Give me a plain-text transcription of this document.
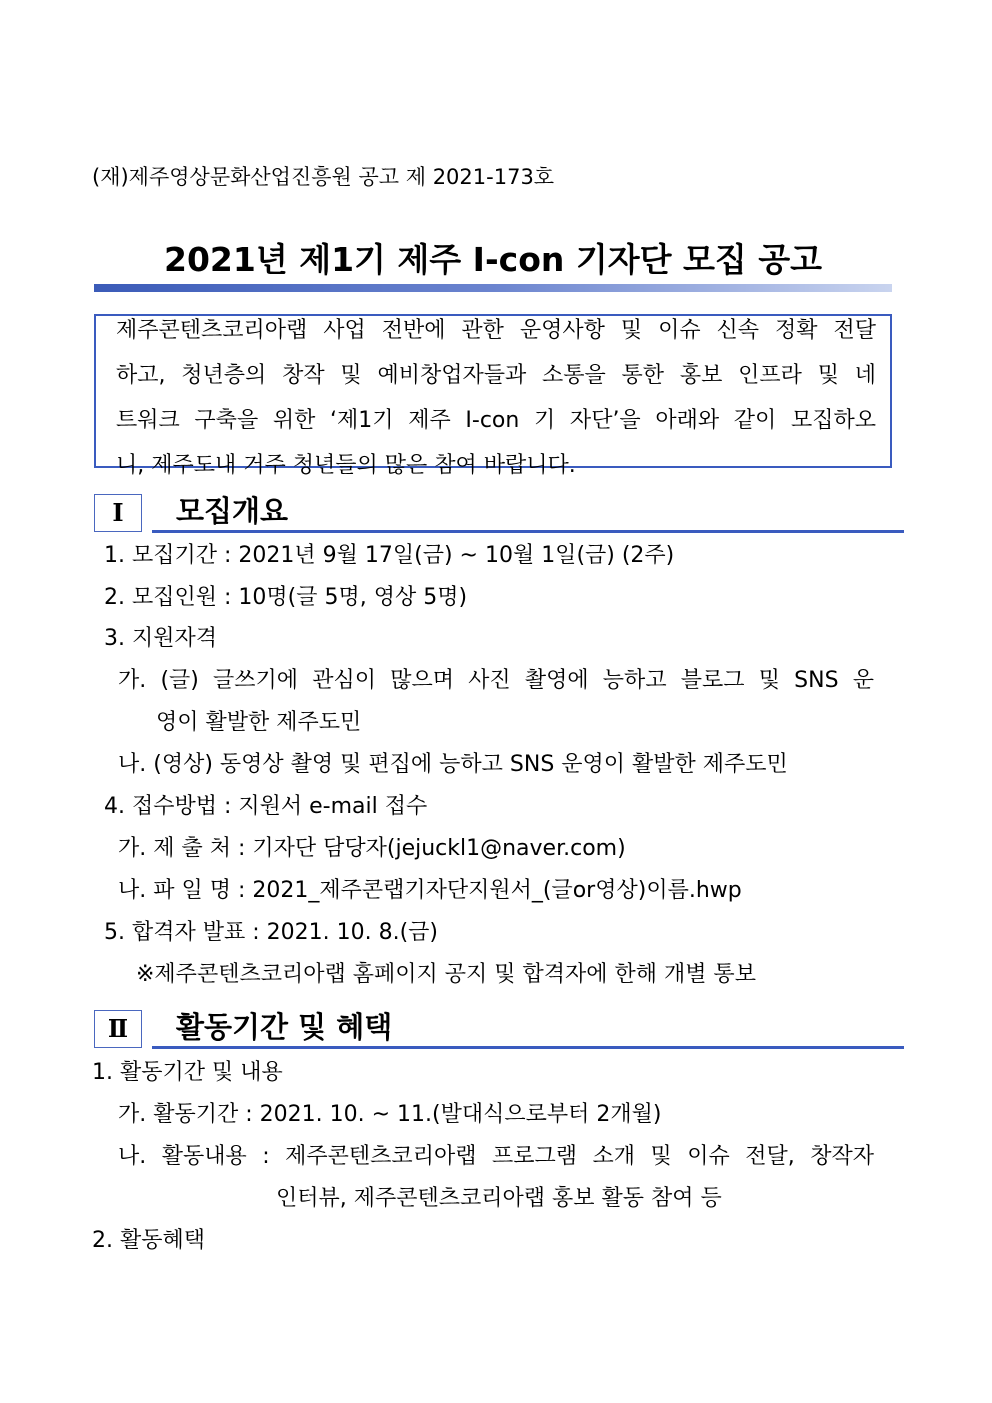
(재)제주영상문화산업진흥원 공고 제 2021-173호
2021년 제1기 제주 I-con 기자단 모집 공고
제주콘텐츠코리아랩 사업 전반에 관한 운영사항 및 이슈 신속 정확 전달
하고, 청년층의 창작 및 예비창업자들과 소통을 통한 홍보 인프라 및 네
트워크 구축을 위한 ‘제1기 제주 I-con 기 자단’을 아래와 같이 모집하오
니, 제주도내 거주 청년들의 많은 참여 바랍니다.
Ⅰ	모집개요
1. 모집기간 : 2021년 9월 17일(금) ~ 10월 1일(금) (2주)
2. 모집인원 : 10명(글 5명, 영상 5명)
3. 지원자격
가. (글) 글쓰기에 관심이 많으며 사진 촬영에 능하고 블로그 및 SNS 운
영이 활발한 제주도민
나. (영상) 동영상 촬영 및 편집에 능하고 SNS 운영이 활발한 제주도민
4. 접수방법 : 지원서 e-mail 접수
가. 제 출 처 : 기자단 담당자(jejuckl1@naver.com)
나. 파 일 명 : 2021_제주콘랩기자단지원서_(글or영상)이름.hwp
5. 합격자 발표 : 2021. 10. 8.(금)
※제주콘텐츠코리아랩 홈페이지 공지 및 합격자에 한해 개별 통보
Ⅱ	활동기간 및 혜택
1. 활동기간 및 내용
가. 활동기간 : 2021. 10. ~ 11.(발대식으로부터 2개월)
나. 활동내용 : 제주콘텐츠코리아랩 프로그램 소개 및 이슈 전달, 창작자
인터뷰, 제주콘텐츠코리아랩 홍보 활동 참여 등
2. 활동혜택
